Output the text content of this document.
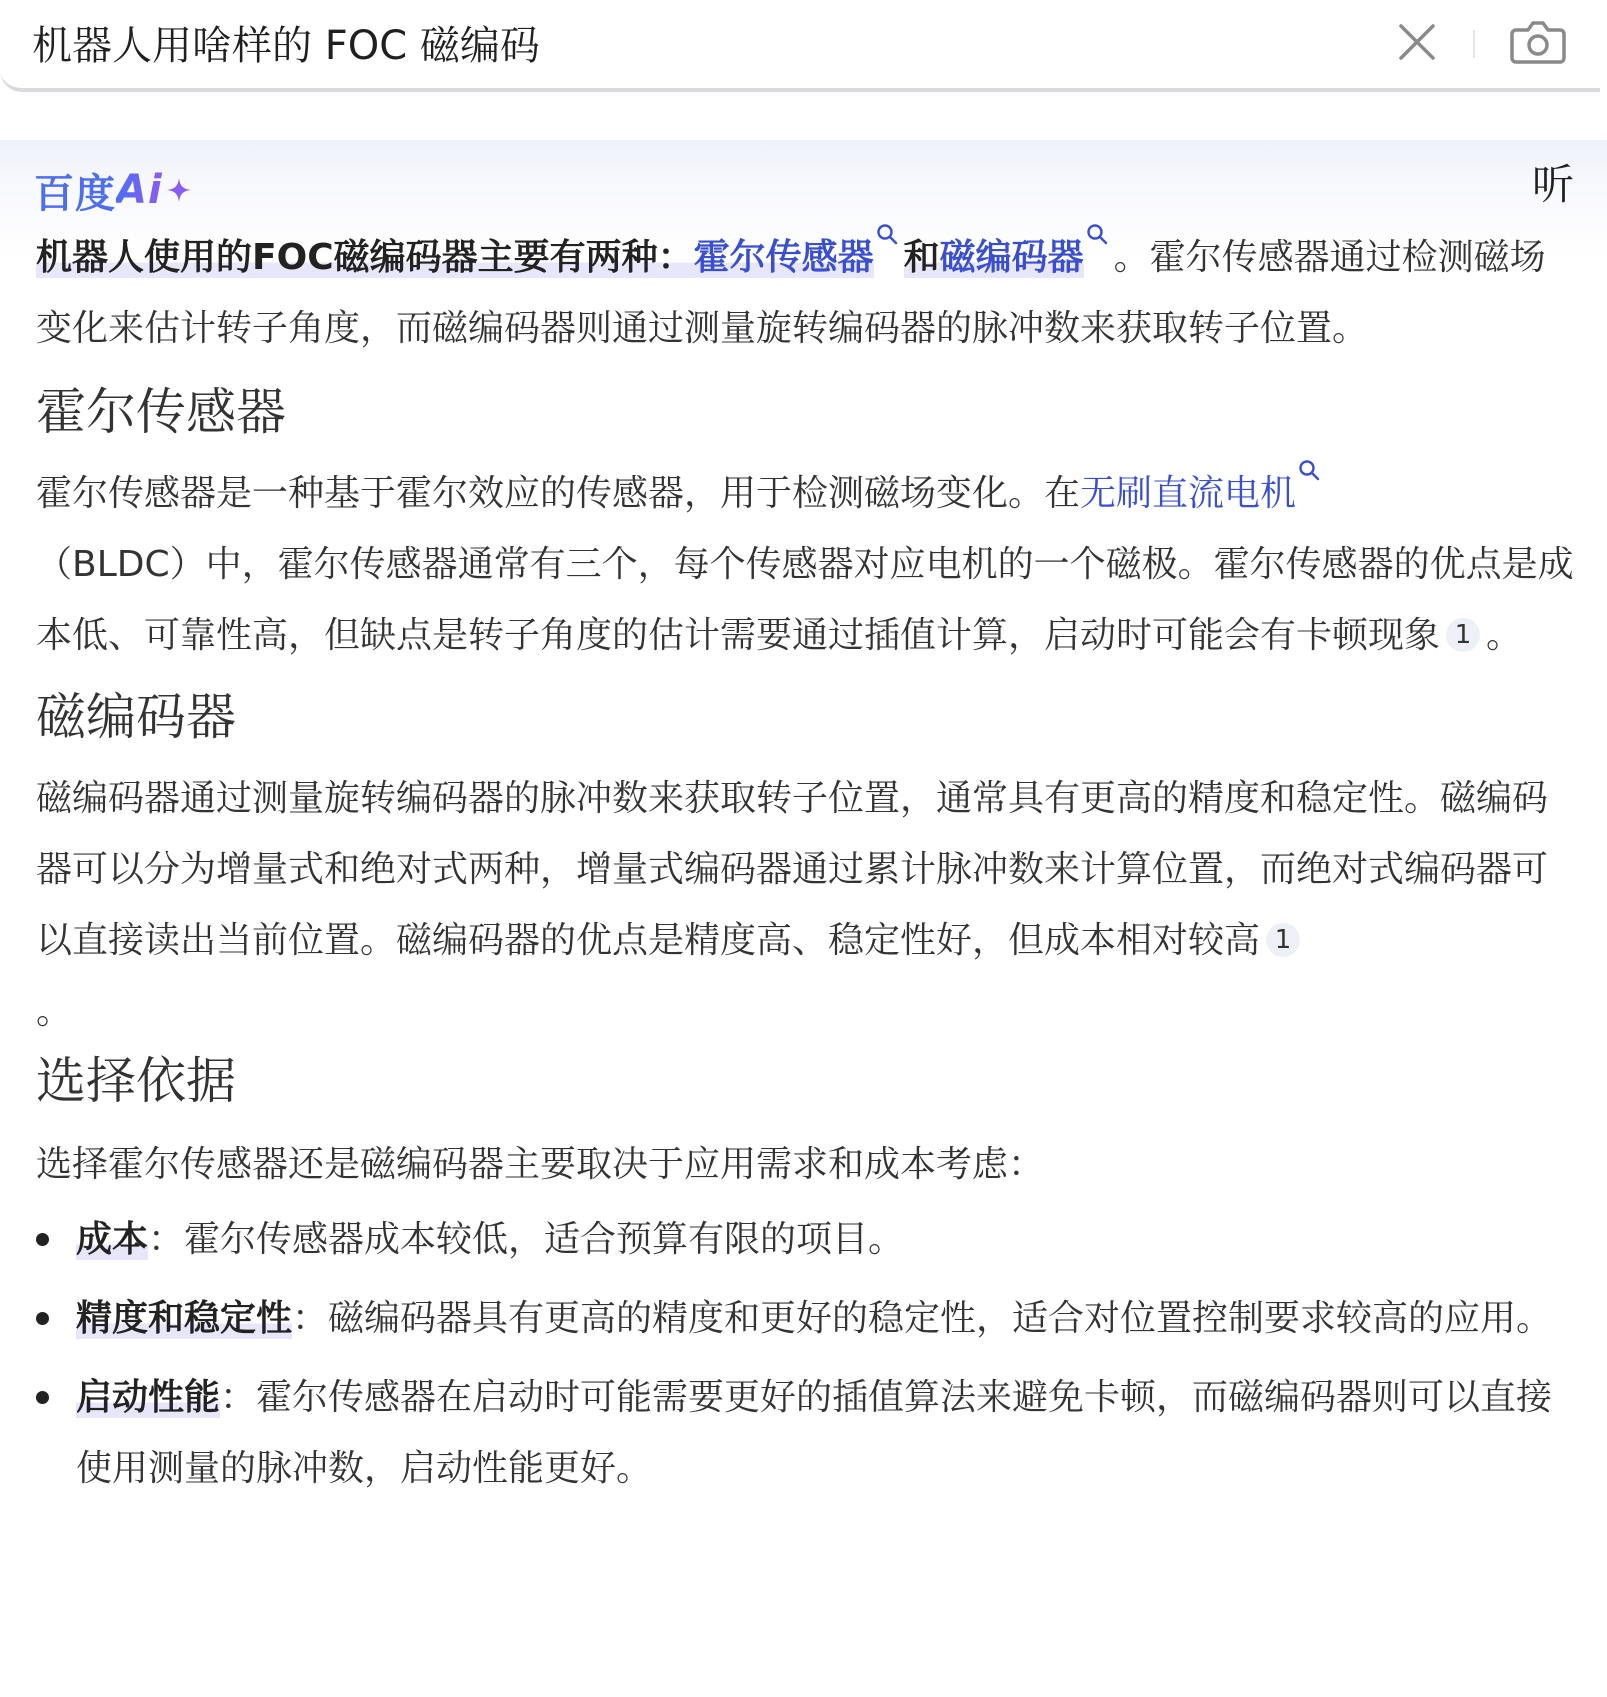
机器人用啥样的 FOC 磁编码
百度 Ai	听

机器人使用的FOC磁编码器主要有两种：霍尔传感器 和磁编码器 。霍尔传感器通过检测磁场变化来估计转子角度，而磁编码器则通过测量旋转编码器的脉冲数来获取转子位置。

霍尔传感器

霍尔传感器是一种基于霍尔效应的传感器，用于检测磁场变化。在无刷直流电机
（BLDC）中，霍尔传感器通常有三个，每个传感器对应电机的一个磁极。霍尔传感器的优点是成本低、可靠性高，但缺点是转子角度的估计需要通过插值计算，启动时可能会有卡顿现象 1 。

磁编码器

磁编码器通过测量旋转编码器的脉冲数来获取转子位置，通常具有更高的精度和稳定性。磁编码器可以分为增量式和绝对式两种，增量式编码器通过累计脉冲数来计算位置，而绝对式编码器可以直接读出当前位置。磁编码器的优点是精度高、稳定性好，但成本相对较高 1
。

选择依据

选择霍尔传感器还是磁编码器主要取决于应用需求和成本考虑：

成本：霍尔传感器成本较低，适合预算有限的项目。
精度和稳定性：磁编码器具有更高的精度和更好的稳定性，适合对位置控制要求较高的应用。
启动性能：霍尔传感器在启动时可能需要更好的插值算法来避免卡顿，而磁编码器则可以直接使用测量的脉冲数，启动性能更好。
